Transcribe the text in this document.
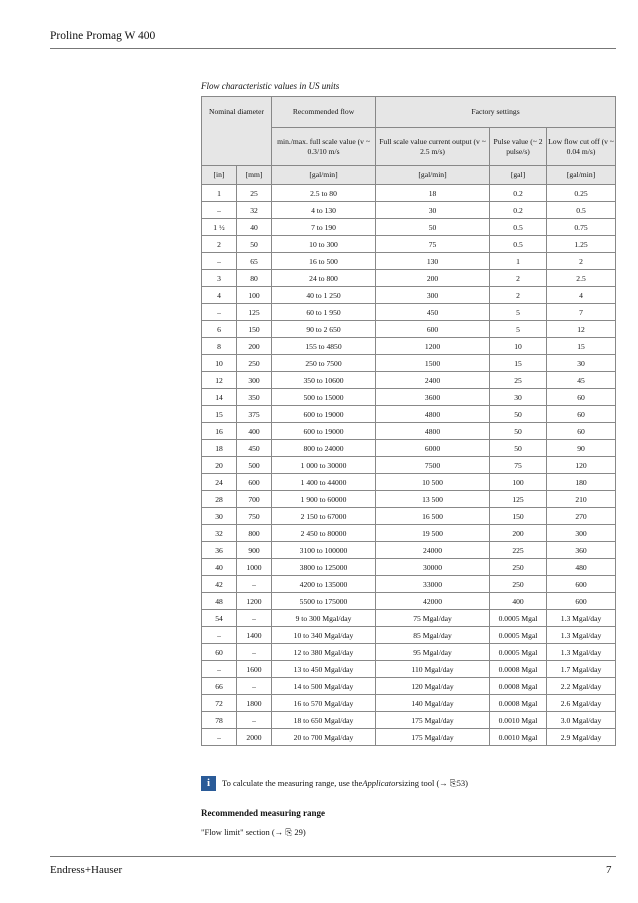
Proline Promag W 400
Flow characteristic values in US units
Nominal diameter		Recommended flow	Factory settings		
		min./max. full scale value (v ~ 0.3/10 m/s	Full scale value current output (v ~ 2.5 m/s)	Pulse value (~ 2 pulse/s)	Low flow cut off (v ~ 0.04 m/s)
[in]	[mm]	[gal/min]	[gal/min]	[gal]	[gal/min]
1	25	2.5 to 80	18	0.2	0.25
–	32	4 to 130	30	0.2	0.5
1 ½	40	7 to 190	50	0.5	0.75
2	50	10 to 300	75	0.5	1.25
–	65	16 to 500	130	1	2
3	80	24 to 800	200	2	2.5
4	100	40 to 1 250	300	2	4
–	125	60 to 1 950	450	5	7
6	150	90 to 2 650	600	5	12
8	200	155 to 4850	1200	10	15
10	250	250 to 7500	1500	15	30
12	300	350 to 10600	2400	25	45
14	350	500 to 15000	3600	30	60
15	375	600 to 19000	4800	50	60
16	400	600 to 19000	4800	50	60
18	450	800 to 24000	6000	50	90
20	500	1 000 to 30000	7500	75	120
24	600	1 400 to 44000	10 500	100	180
28	700	1 900 to 60000	13 500	125	210
30	750	2 150 to 67000	16 500	150	270
32	800	2 450 to 80000	19 500	200	300
36	900	3100 to 100000	24000	225	360
40	1000	3800 to 125000	30000	250	480
42	–	4200 to 135000	33000	250	600
48	1200	5500 to 175000	42000	400	600
54	–	9 to 300 Mgal/day	75 Mgal/day	0.0005 Mgal	1.3 Mgal/day
–	1400	10 to 340 Mgal/day	85 Mgal/day	0.0005 Mgal	1.3 Mgal/day
60	–	12 to 380 Mgal/day	95 Mgal/day	0.0005 Mgal	1.3 Mgal/day
–	1600	13 to 450 Mgal/day	110 Mgal/day	0.0008 Mgal	1.7 Mgal/day
66	–	14 to 500 Mgal/day	120 Mgal/day	0.0008 Mgal	2.2 Mgal/day
72	1800	16 to 570 Mgal/day	140 Mgal/day	0.0008 Mgal	2.6 Mgal/day
78	–	18 to 650 Mgal/day	175 Mgal/day	0.0010 Mgal	3.0 Mgal/day
–	2000	20 to 700 Mgal/day	175 Mgal/day	0.0010 Mgal	2.9 Mgal/day
i	To calculate the measuring range, use the Applicator sizing tool (→ ⎘ 53)
Recommended measuring range
"Flow limit" section (→ ⎘ 29)
Endress+Hauser	7
